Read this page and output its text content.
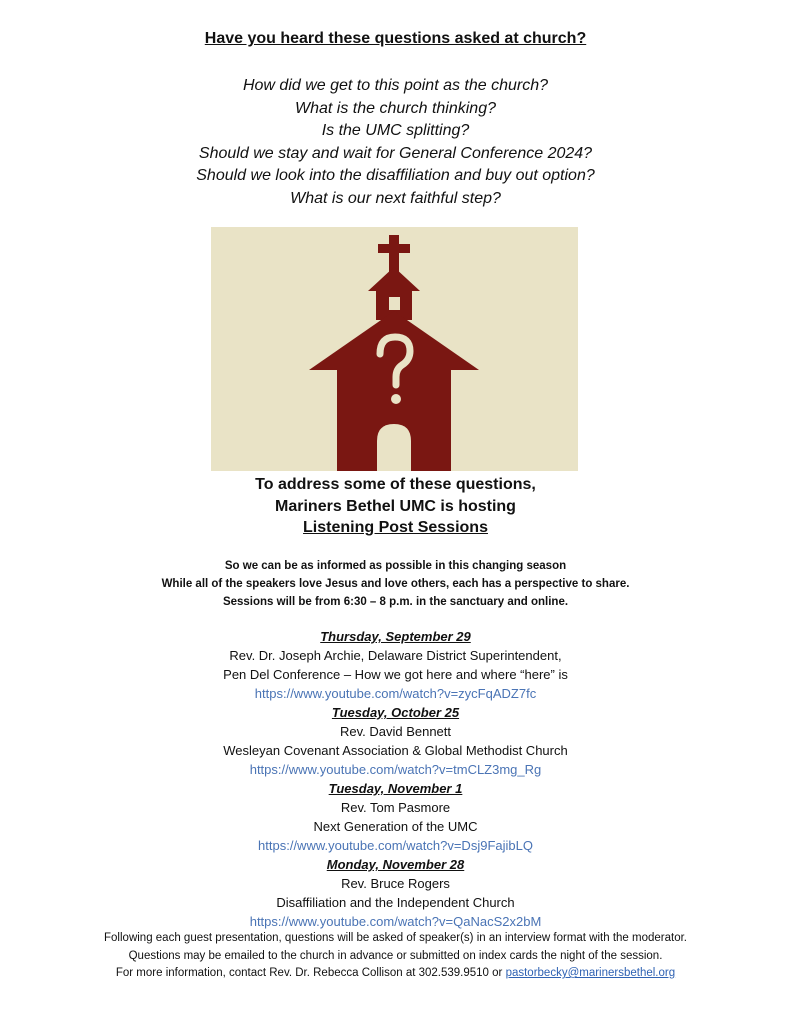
Have you heard these questions asked at church?
How did we get to this point as the church?
What is the church thinking?
Is the UMC splitting?
Should we stay and wait for General Conference 2024?
Should we look into the disaffiliation and buy out option?
What is our next faithful step?
To address some of these questions,
Mariners Bethel UMC is hosting
Listening Post Sessions
So we can be as informed as possible in this changing season
While all of the speakers love Jesus and love others, each has a perspective to share.
Sessions will be from 6:30 – 8 p.m. in the sanctuary and online.
Thursday, September 29
Rev. Dr. Joseph Archie, Delaware District Superintendent,
Pen Del Conference – How we got here and where “here” is
https://www.youtube.com/watch?v=zycFqADZ7fc
Tuesday, October 25
Rev. David Bennett
Wesleyan Covenant Association & Global Methodist Church
https://www.youtube.com/watch?v=tmCLZ3mg_Rg
Tuesday, November 1
Rev. Tom Pasmore
Next Generation of the UMC
https://www.youtube.com/watch?v=Dsj9FajibLQ
Monday, November 28
Rev. Bruce Rogers
Disaffiliation and the Independent Church
https://www.youtube.com/watch?v=QaNacS2x2bM
Following each guest presentation, questions will be asked of speaker(s) in an interview format with the moderator.
Questions may be emailed to the church in advance or submitted on index cards the night of the session.
For more information, contact Rev. Dr. Rebecca Collison at 302.539.9510 or pastorbecky@marinersbethel.org
